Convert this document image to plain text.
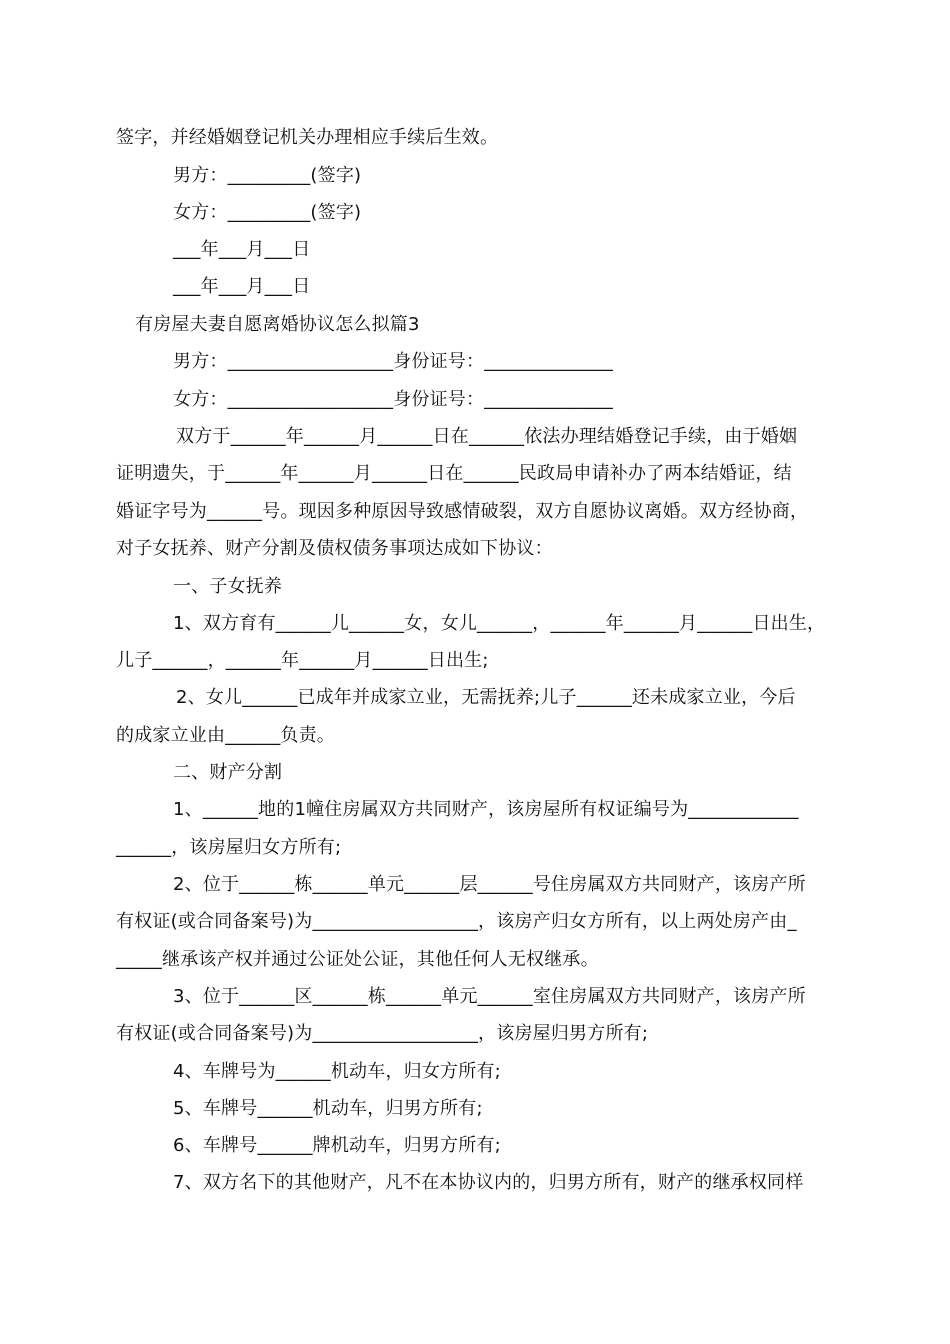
签字，并经婚姻登记机关办理相应手续后生效。
男方：_________(签字)
女方：_________(签字)
___年___月___日
___年___月___日
有房屋夫妻自愿离婚协议怎么拟篇3
男方：__________________身份证号：______________
女方：__________________身份证号：______________
双方于______年______月______日在______依法办理结婚登记手续，由于婚姻
证明遗失，于______年______月______日在______民政局申请补办了两本结婚证，结
婚证字号为______号。现因多种原因导致感情破裂，双方自愿协议离婚。双方经协商，
对子女抚养、财产分割及债权债务事项达成如下协议：
一、子女抚养
1、双方育有______儿______女，女儿______，______年______月______日出生，
儿子______，______年______月______日出生;
2、女儿______已成年并成家立业，无需抚养;儿子______还未成家立业，今后
的成家立业由______负责。
二、财产分割
1、______地的1幢住房属双方共同财产，该房屋所有权证编号为____________
______，该房屋归女方所有;
2、位于______栋______单元______层______号住房属双方共同财产，该房产所
有权证(或合同备案号)为__________________，该房产归女方所有，以上两处房产由_
_____继承该产权并通过公证处公证，其他任何人无权继承。
3、位于______区______栋______单元______室住房属双方共同财产，该房产所
有权证(或合同备案号)为__________________，该房屋归男方所有;
4、车牌号为______机动车，归女方所有;
5、车牌号______机动车，归男方所有;
6、车牌号______牌机动车，归男方所有;
7、双方名下的其他财产，凡不在本协议内的，归男方所有，财产的继承权同样
